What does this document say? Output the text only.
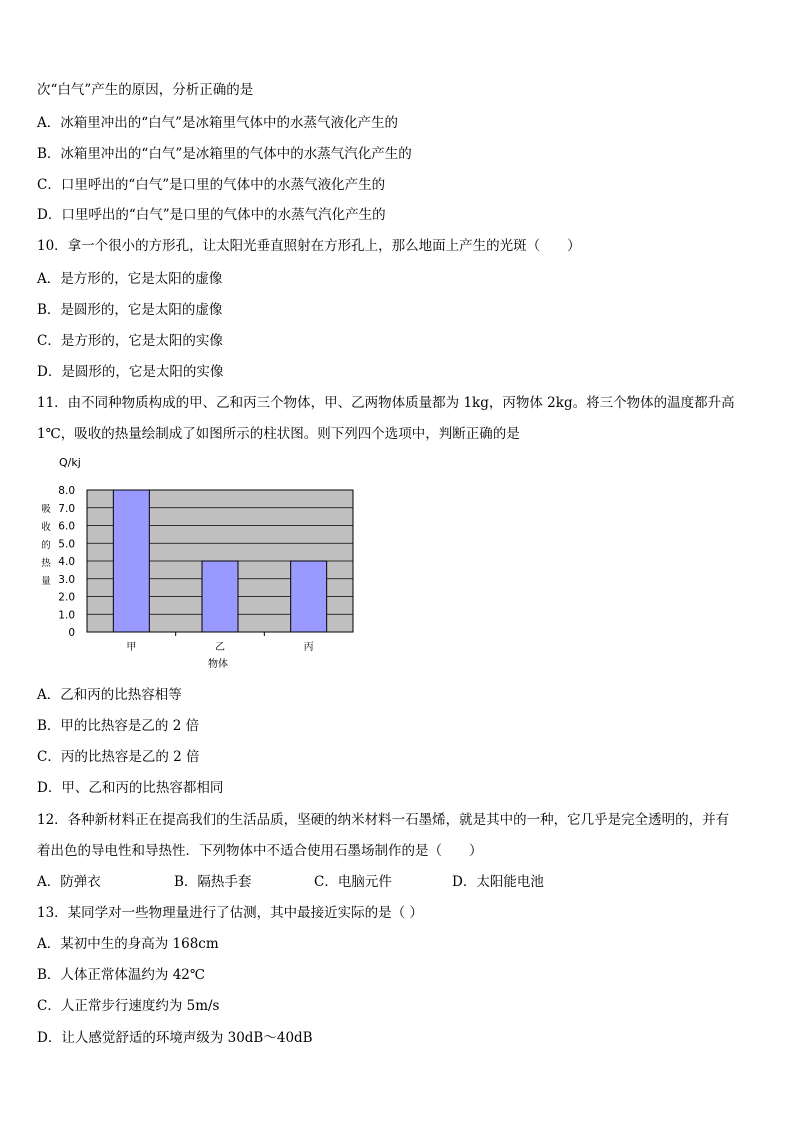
次“白气”产生的原因，分析正确的是
A．冰箱里冲出的“白气”是冰箱里气体中的水蒸气液化产生的
B．冰箱里冲出的“白气”是冰箱里的气体中的水蒸气汽化产生的
C．口里呼出的“白气”是口里的气体中的水蒸气液化产生的
D．口里呼出的“白气”是口里的气体中的水蒸气汽化产生的
10．拿一个很小的方形孔，让太阳光垂直照射在方形孔上，那么地面上产生的光斑（　　）
A．是方形的，它是太阳的虚像
B．是圆形的，它是太阳的虚像
C．是方形的，它是太阳的实像
D．是圆形的，它是太阳的实像
11．由不同种物质构成的甲、乙和丙三个物体，甲、乙两物体质量都为 1kg，丙物体 2kg。将三个物体的温度都升高
1℃，吸收的热量绘制成了如图所示的柱状图。则下列四个选项中，判断正确的是
Q/kj
吸
收
的
热
量
8.0
7.0
6.0
5.0
4.0
3.0
2.0
1.0
0
甲	乙	丙
物体
A．乙和丙的比热容相等
B．甲的比热容是乙的 2 倍
C．丙的比热容是乙的 2 倍
D．甲、乙和丙的比热容都相同
12．各种新材料正在提高我们的生活品质，坚硬的纳米材料一石墨烯，就是其中的一种，它几乎是完全透明的，并有
着出色的导电性和导热性．下列物体中不适合使用石墨场制作的是（　　）
A．防弹衣	B．隔热手套	C．电脑元件	D．太阳能电池
13．某同学对一些物理量进行了估测，其中最接近实际的是（ ）
A．某初中生的身高为 168cm
B．人体正常体温约为 42℃
C．人正常步行速度约为 5m/s
D．让人感觉舒适的环境声级为 30dB～40dB
